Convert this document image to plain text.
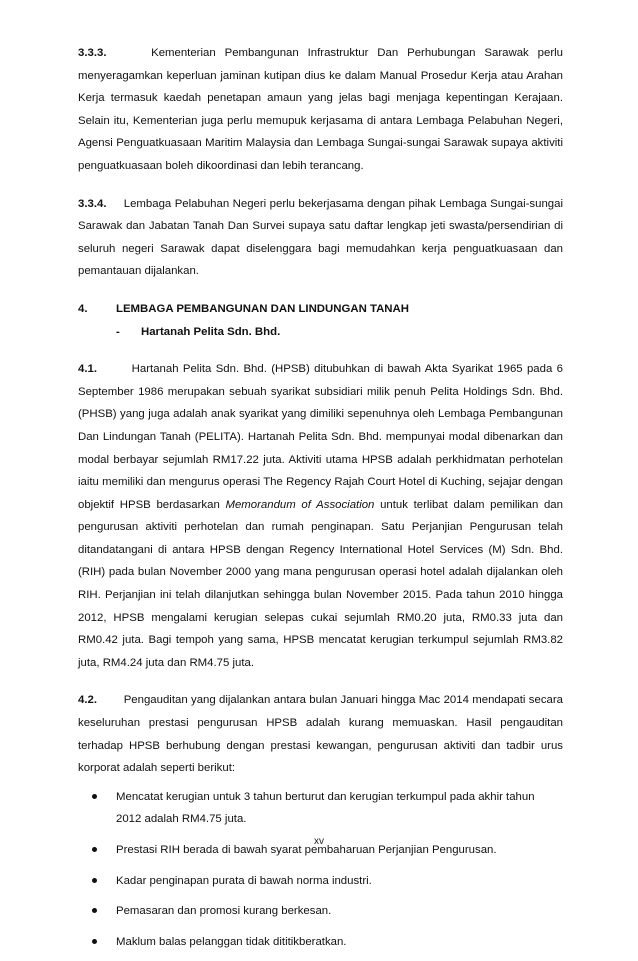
3.3.3.	Kementerian Pembangunan Infrastruktur Dan Perhubungan Sarawak perlu menyeragamkan keperluan jaminan kutipan dius ke dalam Manual Prosedur Kerja atau Arahan Kerja termasuk kaedah penetapan amaun yang jelas bagi menjaga kepentingan Kerajaan. Selain itu, Kementerian juga perlu memupuk kerjasama di antara Lembaga Pelabuhan Negeri, Agensi Penguatkuasaan Maritim Malaysia dan Lembaga Sungai-sungai Sarawak supaya aktiviti penguatkuasaan boleh dikoordinasi dan lebih terancang.

3.3.4. Lembaga Pelabuhan Negeri perlu bekerjasama dengan pihak Lembaga Sungai-sungai Sarawak dan Jabatan Tanah Dan Survei supaya satu daftar lengkap jeti swasta/persendirian di seluruh negeri Sarawak dapat diselenggara bagi memudahkan kerja penguatkuasaan dan pemantauan dijalankan.

4.	LEMBAGA PEMBANGUNAN DAN LINDUNGAN TANAH

- Hartanah Pelita Sdn. Bhd.

4.1.	Hartanah Pelita Sdn. Bhd. (HPSB) ditubuhkan di bawah Akta Syarikat 1965 pada 6 September 1986 merupakan sebuah syarikat subsidiari milik penuh Pelita Holdings Sdn. Bhd. (PHSB) yang juga adalah anak syarikat yang dimiliki sepenuhnya oleh Lembaga Pembangunan Dan Lindungan Tanah (PELITA). Hartanah Pelita Sdn. Bhd. mempunyai modal dibenarkan dan modal berbayar sejumlah RM17.22 juta. Aktiviti utama HPSB adalah perkhidmatan perhotelan iaitu memiliki dan mengurus operasi The Regency Rajah Court Hotel di Kuching, sejajar dengan objektif HPSB berdasarkan Memorandum of Association untuk terlibat dalam pemilikan dan pengurusan aktiviti perhotelan dan rumah penginapan. Satu Perjanjian Pengurusan telah ditandatangani di antara HPSB dengan Regency International Hotel Services (M) Sdn. Bhd. (RIH) pada bulan November 2000 yang mana pengurusan operasi hotel adalah dijalankan oleh RIH. Perjanjian ini telah dilanjutkan sehingga bulan November 2015. Pada tahun 2010 hingga 2012, HPSB mengalami kerugian selepas cukai sejumlah RM0.20 juta, RM0.33 juta dan RM0.42 juta. Bagi tempoh yang sama, HPSB mencatat kerugian terkumpul sejumlah RM3.82 juta, RM4.24 juta dan RM4.75 juta.

4.2. Pengauditan yang dijalankan antara bulan Januari hingga Mac 2014 mendapati secara keseluruhan prestasi pengurusan HPSB adalah kurang memuaskan. Hasil pengauditan terhadap HPSB berhubung dengan prestasi kewangan, pengurusan aktiviti dan tadbir urus korporat adalah seperti berikut:

Mencatat kerugian untuk 3 tahun berturut dan kerugian terkumpul pada akhir tahun 2012 adalah RM4.75 juta.
Prestasi RIH berada di bawah syarat pembaharuan Perjanjian Pengurusan.
Kadar penginapan purata di bawah norma industri.
Pemasaran dan promosi kurang berkesan.
Maklum balas pelanggan tidak dititikberatkan.
xv
